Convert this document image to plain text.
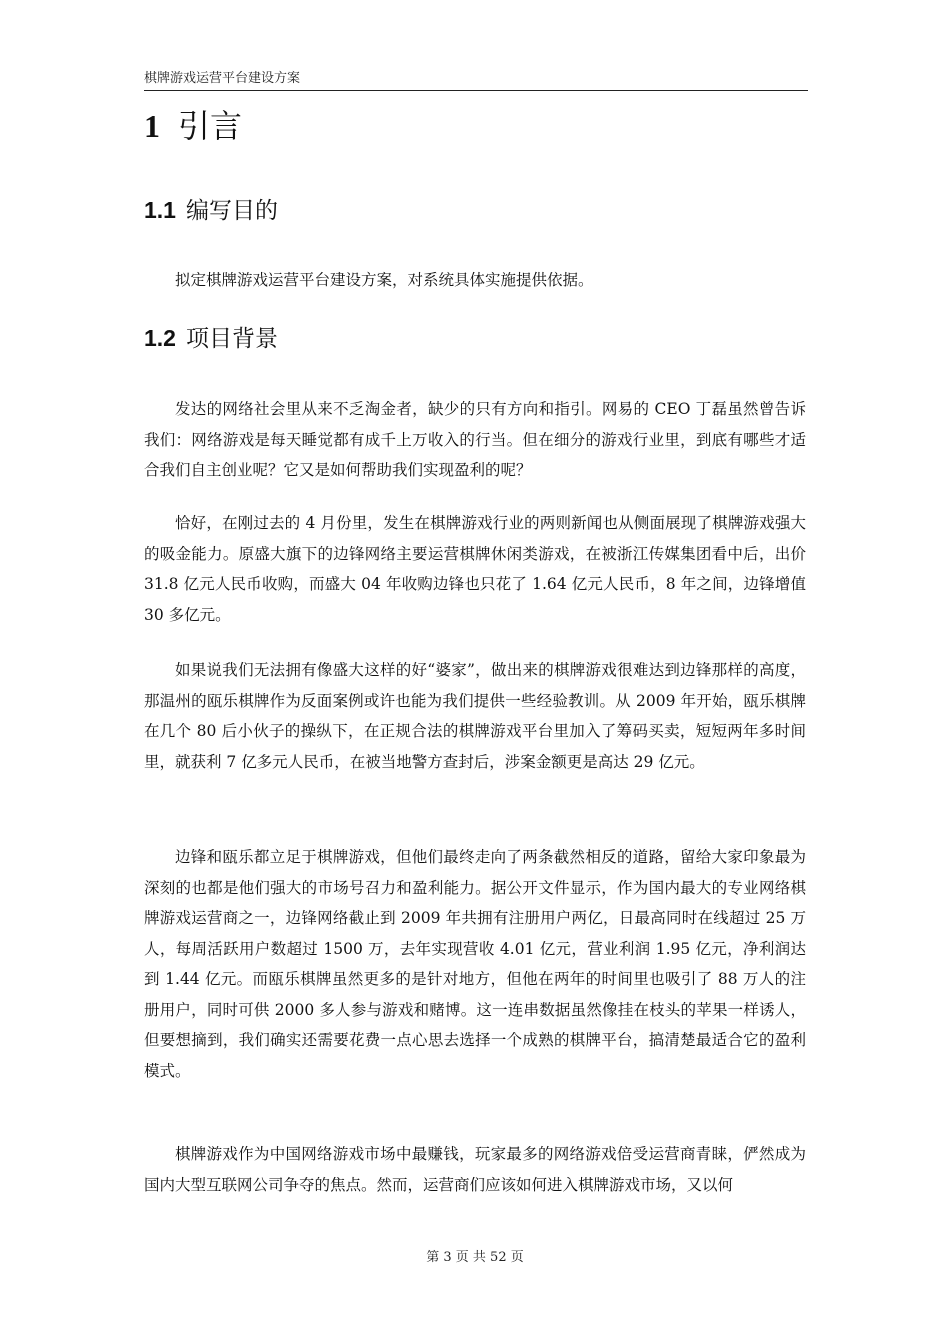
棋牌游戏运营平台建设方案
1 引言
1.1 编写目的

拟定棋牌游戏运营平台建设方案，对系统具体实施提供依据。

1.2 项目背景

发达的网络社会里从来不乏淘金者，缺少的只有方向和指引。网易的 CEO 丁磊虽然曾告诉我们：网络游戏是每天睡觉都有成千上万收入的行当。但在细分的游戏行业里，到底有哪些才适合我们自主创业呢？它又是如何帮助我们实现盈利的呢？

恰好，在刚过去的 4 月份里，发生在棋牌游戏行业的两则新闻也从侧面展现了棋牌游戏强大的吸金能力。原盛大旗下的边锋网络主要运营棋牌休闲类游戏，在被浙江传媒集团看中后，出价 31.8 亿元人民币收购，而盛大 04 年收购边锋也只花了 1.64 亿元人民币，8 年之间，边锋增值 30 多亿元。

如果说我们无法拥有像盛大这样的好“婆家”，做出来的棋牌游戏很难达到边锋那样的高度，那温州的瓯乐棋牌作为反面案例或许也能为我们提供一些经验教训。从 2009 年开始，瓯乐棋牌在几个 80 后小伙子的操纵下，在正规合法的棋牌游戏平台里加入了筹码买卖，短短两年多时间里，就获利 7 亿多元人民币，在被当地警方查封后，涉案金额更是高达 29 亿元。

边锋和瓯乐都立足于棋牌游戏，但他们最终走向了两条截然相反的道路，留给大家印象最为深刻的也都是他们强大的市场号召力和盈利能力。据公开文件显示，作为国内最大的专业网络棋牌游戏运营商之一，边锋网络截止到 2009 年共拥有注册用户两亿，日最高同时在线超过 25 万人，每周活跃用户数超过 1500 万，去年实现营收 4.01 亿元，营业利润 1.95 亿元，净利润达到 1.44 亿元。而瓯乐棋牌虽然更多的是针对地方，但他在两年的时间里也吸引了 88 万人的注册用户，同时可供 2000 多人参与游戏和赌博。这一连串数据虽然像挂在枝头的苹果一样诱人，但要想摘到，我们确实还需要花费一点心思去选择一个成熟的棋牌平台，搞清楚最适合它的盈利模式。

棋牌游戏作为中国网络游戏市场中最赚钱，玩家最多的网络游戏倍受运营商青睐，俨然成为国内大型互联网公司争夺的焦点。然而，运营商们应该如何进入棋牌游戏市场，又以何

第 3 页 共 52 页
